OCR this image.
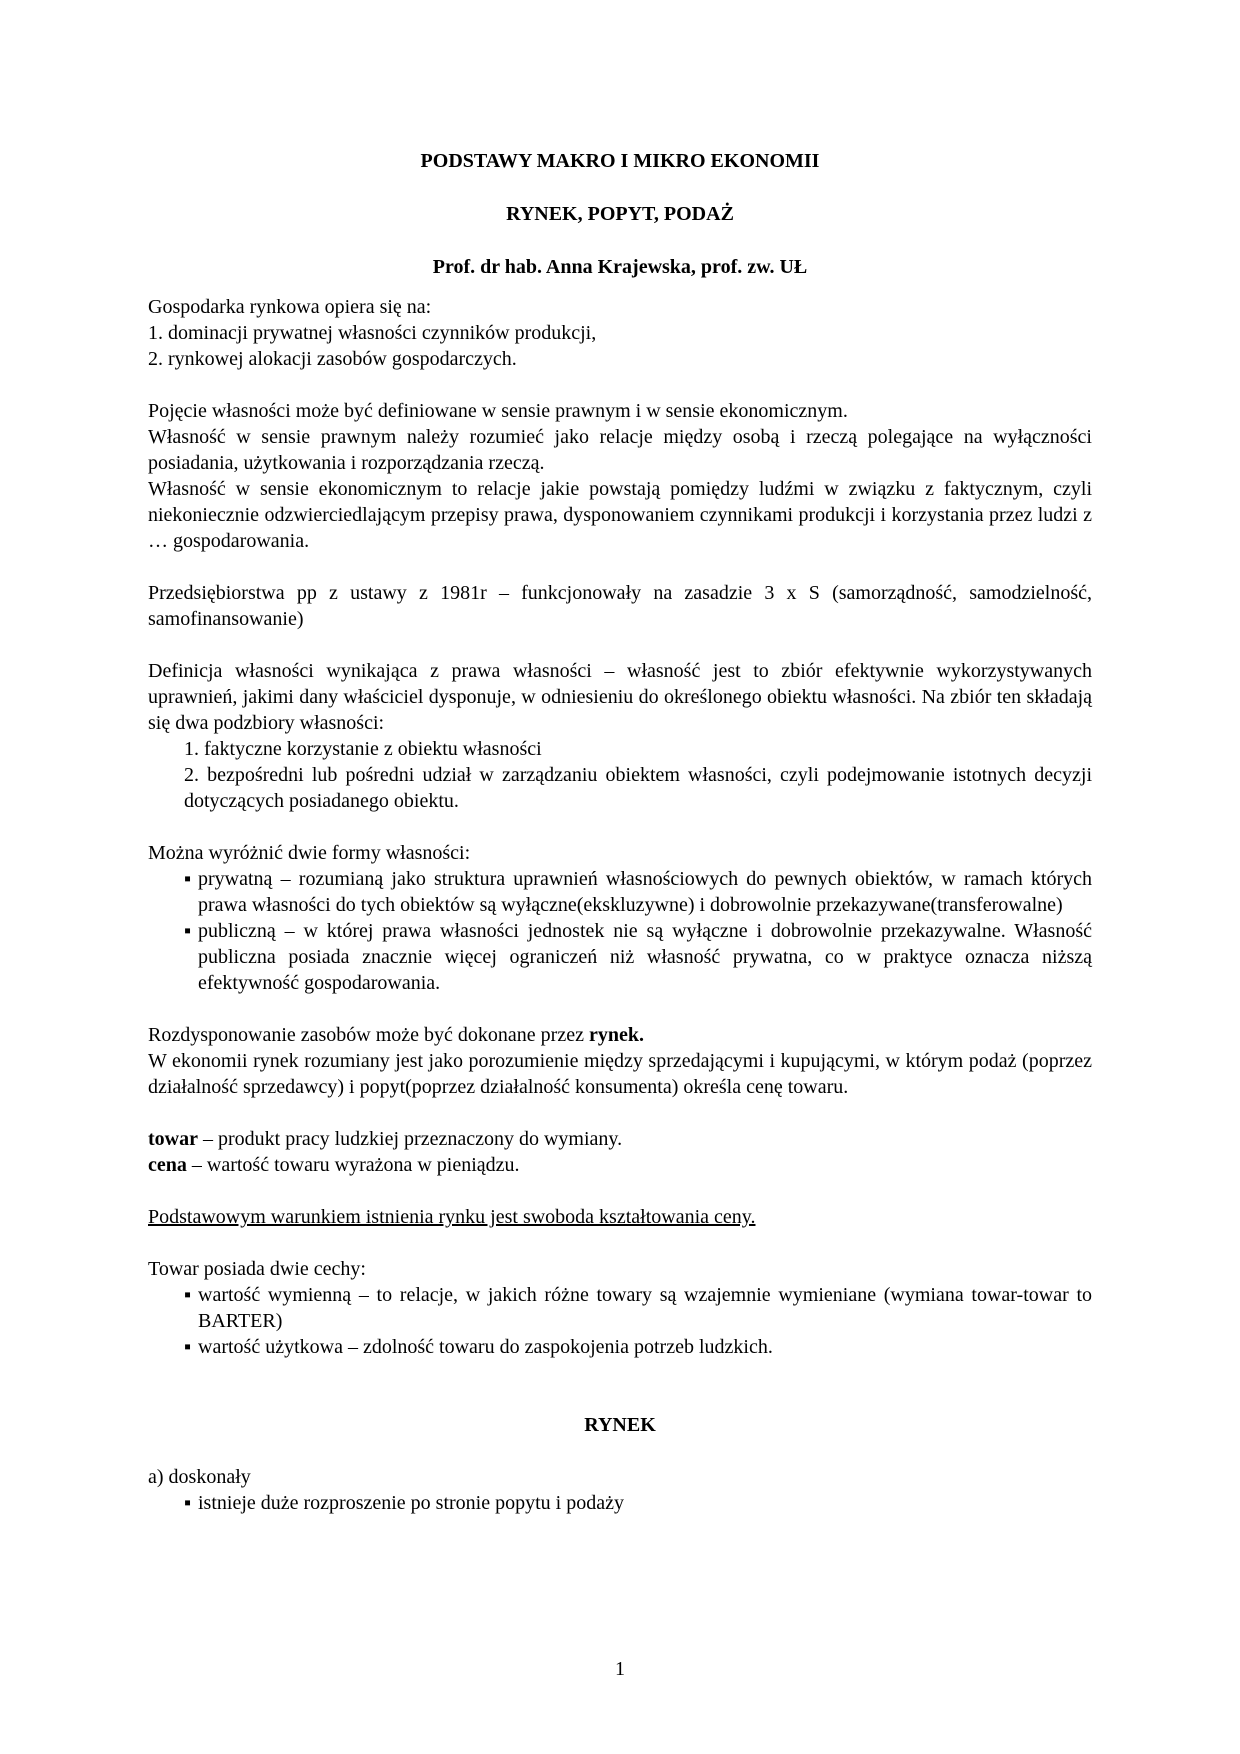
PODSTAWY MAKRO I MIKRO EKONOMII

RYNEK, POPYT, PODAŻ

Prof. dr hab. Anna Krajewska, prof. zw. UŁ

Gospodarka rynkowa opiera się na:

1. dominacji prywatnej własności czynników produkcji,

2. rynkowej alokacji zasobów gospodarczych.

Pojęcie własności może być definiowane w sensie prawnym i w sensie ekonomicznym.

Własność w sensie prawnym należy rozumieć jako relacje między osobą i rzeczą polegające na wyłączności posiadania, użytkowania i rozporządzania rzeczą.

Własność w sensie ekonomicznym to relacje jakie powstają pomiędzy ludźmi w związku z faktycznym, czyli niekoniecznie odzwierciedlającym przepisy prawa, dysponowaniem czynnikami produkcji i korzystania przez ludzi z … gospodarowania.

Przedsiębiorstwa pp z ustawy z 1981r – funkcjonowały na zasadzie 3 x S (samorządność, samodzielność, samofinansowanie)

Definicja własności wynikająca z prawa własności – własność jest to zbiór efektywnie wykorzystywanych uprawnień, jakimi dany właściciel dysponuje, w odniesieniu do określonego obiektu własności. Na zbiór ten składają się dwa podzbiory własności:

1. faktyczne korzystanie z obiektu własności

2. bezpośredni lub pośredni udział w zarządzaniu obiektem własności, czyli podejmowanie istotnych decyzji dotyczących posiadanego obiektu.

Można wyróżnić dwie formy własności:

▪ prywatną – rozumianą jako struktura uprawnień własnościowych do pewnych obiektów, w ramach których prawa własności do tych obiektów są wyłączne(ekskluzywne) i dobrowolnie przekazywane(transferowalne)

▪ publiczną – w której prawa własności jednostek nie są wyłączne i dobrowolnie przekazywalne. Własność publiczna posiada znacznie więcej ograniczeń niż własność prywatna, co w praktyce oznacza niższą efektywność gospodarowania.

Rozdysponowanie zasobów może być dokonane przez rynek.

W ekonomii rynek rozumiany jest jako porozumienie między sprzedającymi i kupującymi, w którym podaż (poprzez działalność sprzedawcy) i popyt(poprzez działalność konsumenta) określa cenę towaru.

towar – produkt pracy ludzkiej przeznaczony do wymiany.

cena – wartość towaru wyrażona w pieniądzu.

Podstawowym warunkiem istnienia rynku jest swoboda kształtowania ceny.

Towar posiada dwie cechy:

▪ wartość wymienną – to relacje, w jakich różne towary są wzajemnie wymieniane (wymiana towar-towar to BARTER)

▪ wartość użytkowa – zdolność towaru do zaspokojenia potrzeb ludzkich.

RYNEK

a) doskonały

▪ istnieje duże rozproszenie po stronie popytu i podaży

1
